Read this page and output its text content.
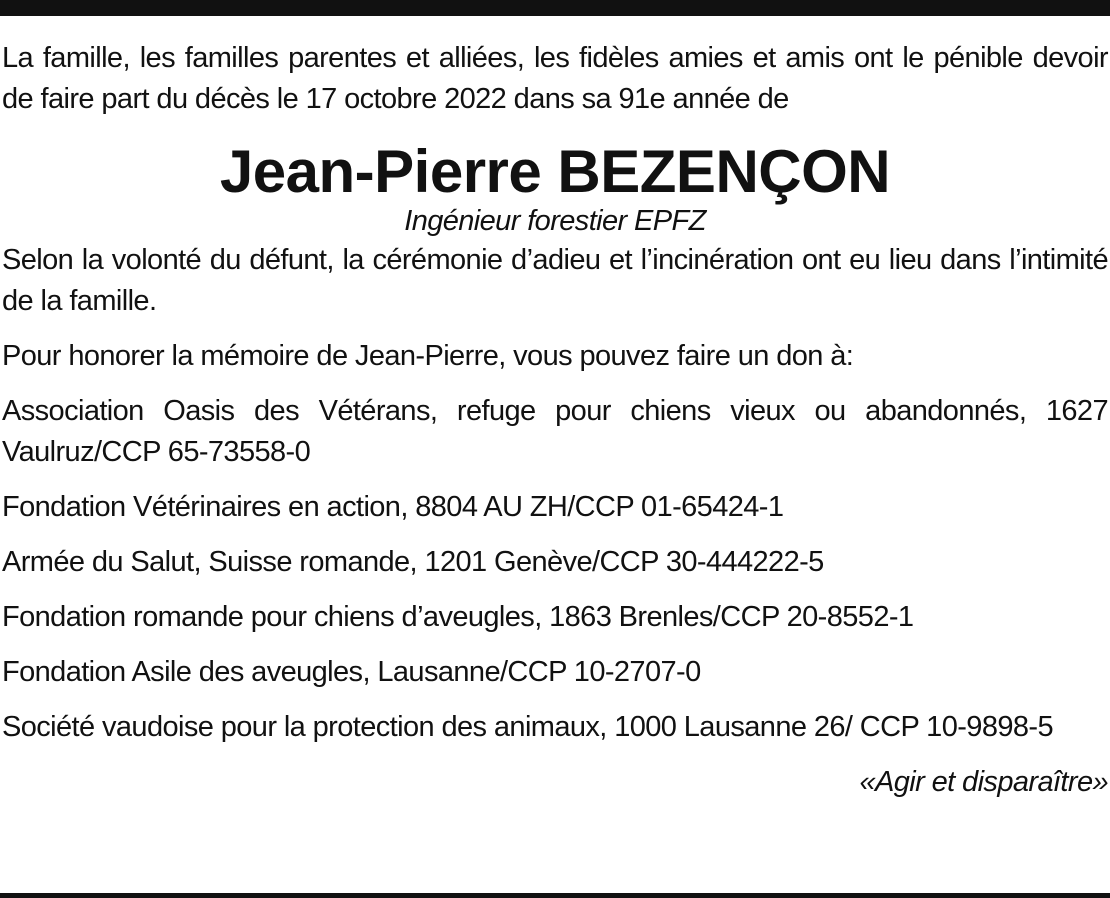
La famille, les familles parentes et alliées, les fidèles amies et amis ont le pénible devoir de faire part du décès le 17 octobre 2022 dans sa 91e année de

Jean-Pierre BEZENÇON
Ingénieur forestier EPFZ

Selon la volonté du défunt, la cérémonie d’adieu et l’incinération ont eu lieu dans l’intimité de la famille.

Pour honorer la mémoire de Jean-Pierre, vous pouvez faire un don à:

Association Oasis des Vétérans, refuge pour chiens vieux ou abandonnés, 1627 Vaulruz/CCP 65-73558-0

Fondation Vétérinaires en action, 8804 AU ZH/CCP 01-65424-1

Armée du Salut, Suisse romande, 1201 Genève/CCP 30-444222-5

Fondation romande pour chiens d’aveugles, 1863 Brenles/CCP 20-8552-1

Fondation Asile des aveugles, Lausanne/CCP 10-2707-0

Société vaudoise pour la protection des animaux, 1000 Lausanne 26/ CCP 10-9898-5

«Agir et disparaître»
